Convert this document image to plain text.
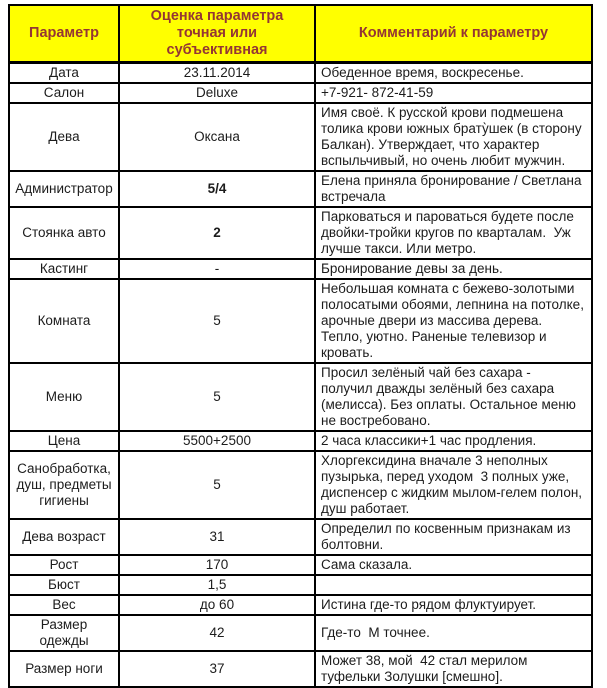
Параметр	Оценка параметра точная или субъективная	Комментарий к параметру
Дата	23.11.2014	Обеденное время, воскресенье.
Салон	Deluxe	+7-921- 872-41-59
Дева	Оксана	Имя своё. К русской крови подмешена толика крови южных брату̀шек (в сторону Балкан). Утверждает, что характер вспыльчивый, но очень любит мужчин.
Администратор	5/4	Елена приняла бронирование / Светлана встречала
Стоянка авто	2	Парковаться и пароваться будете после двойки-тройки кругов по кварталам.  Уж лучше такси. Или метро.
Кастинг	-	Бронирование девы за день.
Комната	5	Небольшая комната с бежево-золотыми полосатыми обоями, лепнина на потолке, арочные двери из массива дерева. Тепло, уютно. Раненые телевизор и кровать.
Меню	5	Просил зелёный чай без сахара - получил дважды зелёный без сахара (мелисса). Без оплаты. Остальное меню не востребовано.
Цена	5500+2500	2 часа классики+1 час продления.
Санобработка, душ, предметы гигиены	5	Хлоргексидина вначале 3 неполных пузырька, перед уходом  3 полных уже, диспенсер с жидким мылом-гелем полон, душ работает.
Дева возраст	31	Определил по косвенным признакам из болтовни.
Рост	170	Сама сказала.
Бюст	1,5	
Вес	до 60	Истина где-то рядом флуктуирует.
Размер одежды	42	Где-то  М точнее.
Размер ноги	37	Может 38, мой  42 стал мерилом туфельки Золушки [смешно].
